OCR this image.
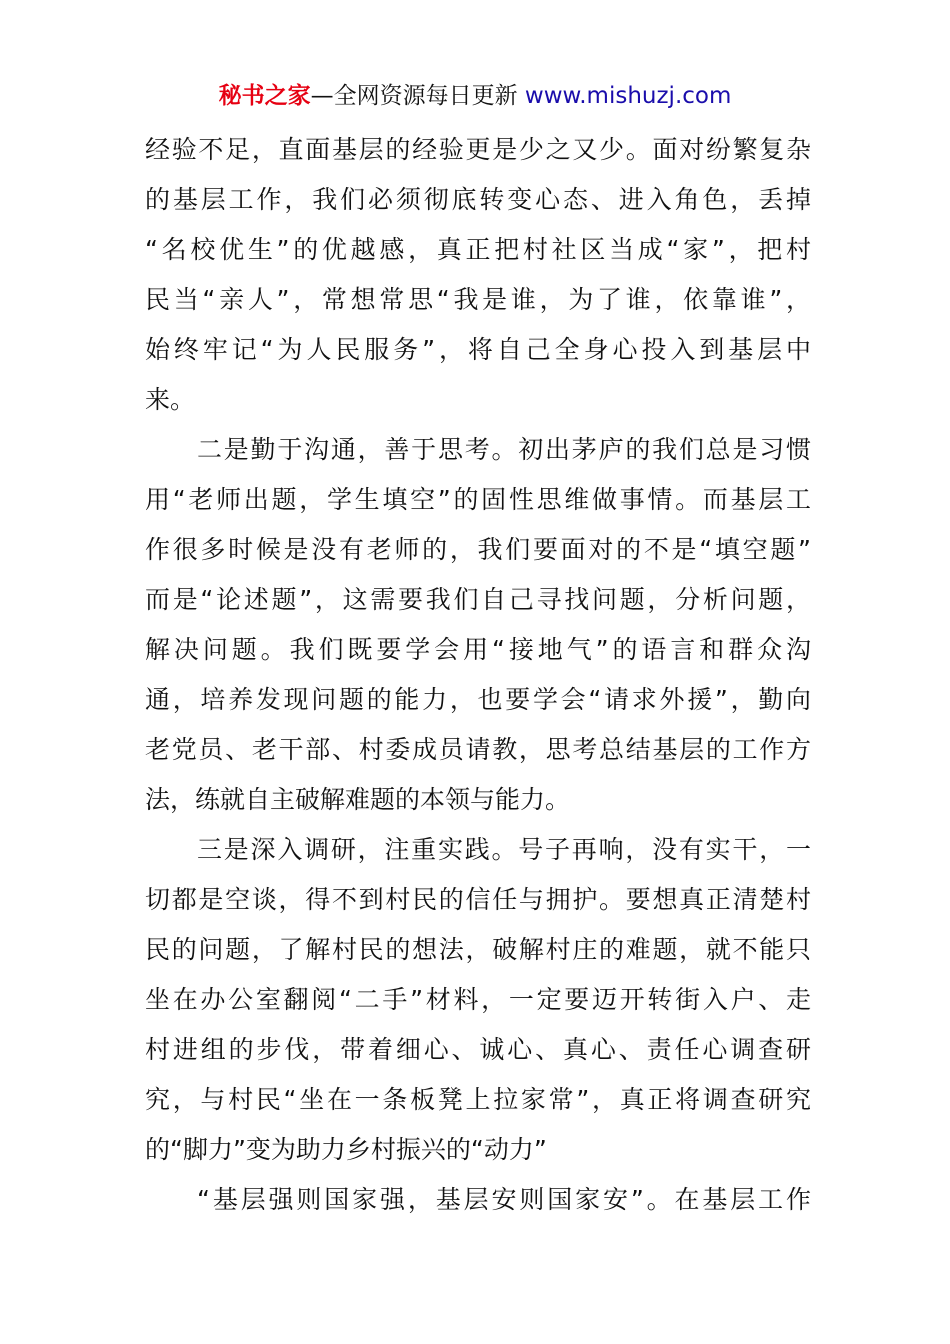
秘书之家—全网资源每日更新 www.mishuzj.com
经验不足，直面基层的经验更是少之又少。面对纷繁复杂
的基层工作，我们必须彻底转变心态、进入角色，丢掉
“名校优生”的优越感，真正把村社区当成“家”，把村
民当“亲人”，常想常思“我是谁，为了谁，依靠谁”，
始终牢记“为人民服务”，将自己全身心投入到基层中
来。
二是勤于沟通，善于思考。初出茅庐的我们总是习惯
用“老师出题，学生填空”的固性思维做事情。而基层工
作很多时候是没有老师的，我们要面对的不是“填空题”
而是“论述题”，这需要我们自己寻找问题，分析问题，
解决问题。我们既要学会用“接地气”的语言和群众沟
通，培养发现问题的能力，也要学会“请求外援”，勤向
老党员、老干部、村委成员请教，思考总结基层的工作方
法，练就自主破解难题的本领与能力。
三是深入调研，注重实践。号子再响，没有实干，一
切都是空谈，得不到村民的信任与拥护。要想真正清楚村
民的问题，了解村民的想法，破解村庄的难题，就不能只
坐在办公室翻阅“二手”材料，一定要迈开转街入户、走
村进组的步伐，带着细心、诚心、真心、责任心调查研
究，与村民“坐在一条板凳上拉家常”，真正将调查研究
的“脚力”变为助力乡村振兴的“动力”
“基层强则国家强，基层安则国家安”。在基层工作
